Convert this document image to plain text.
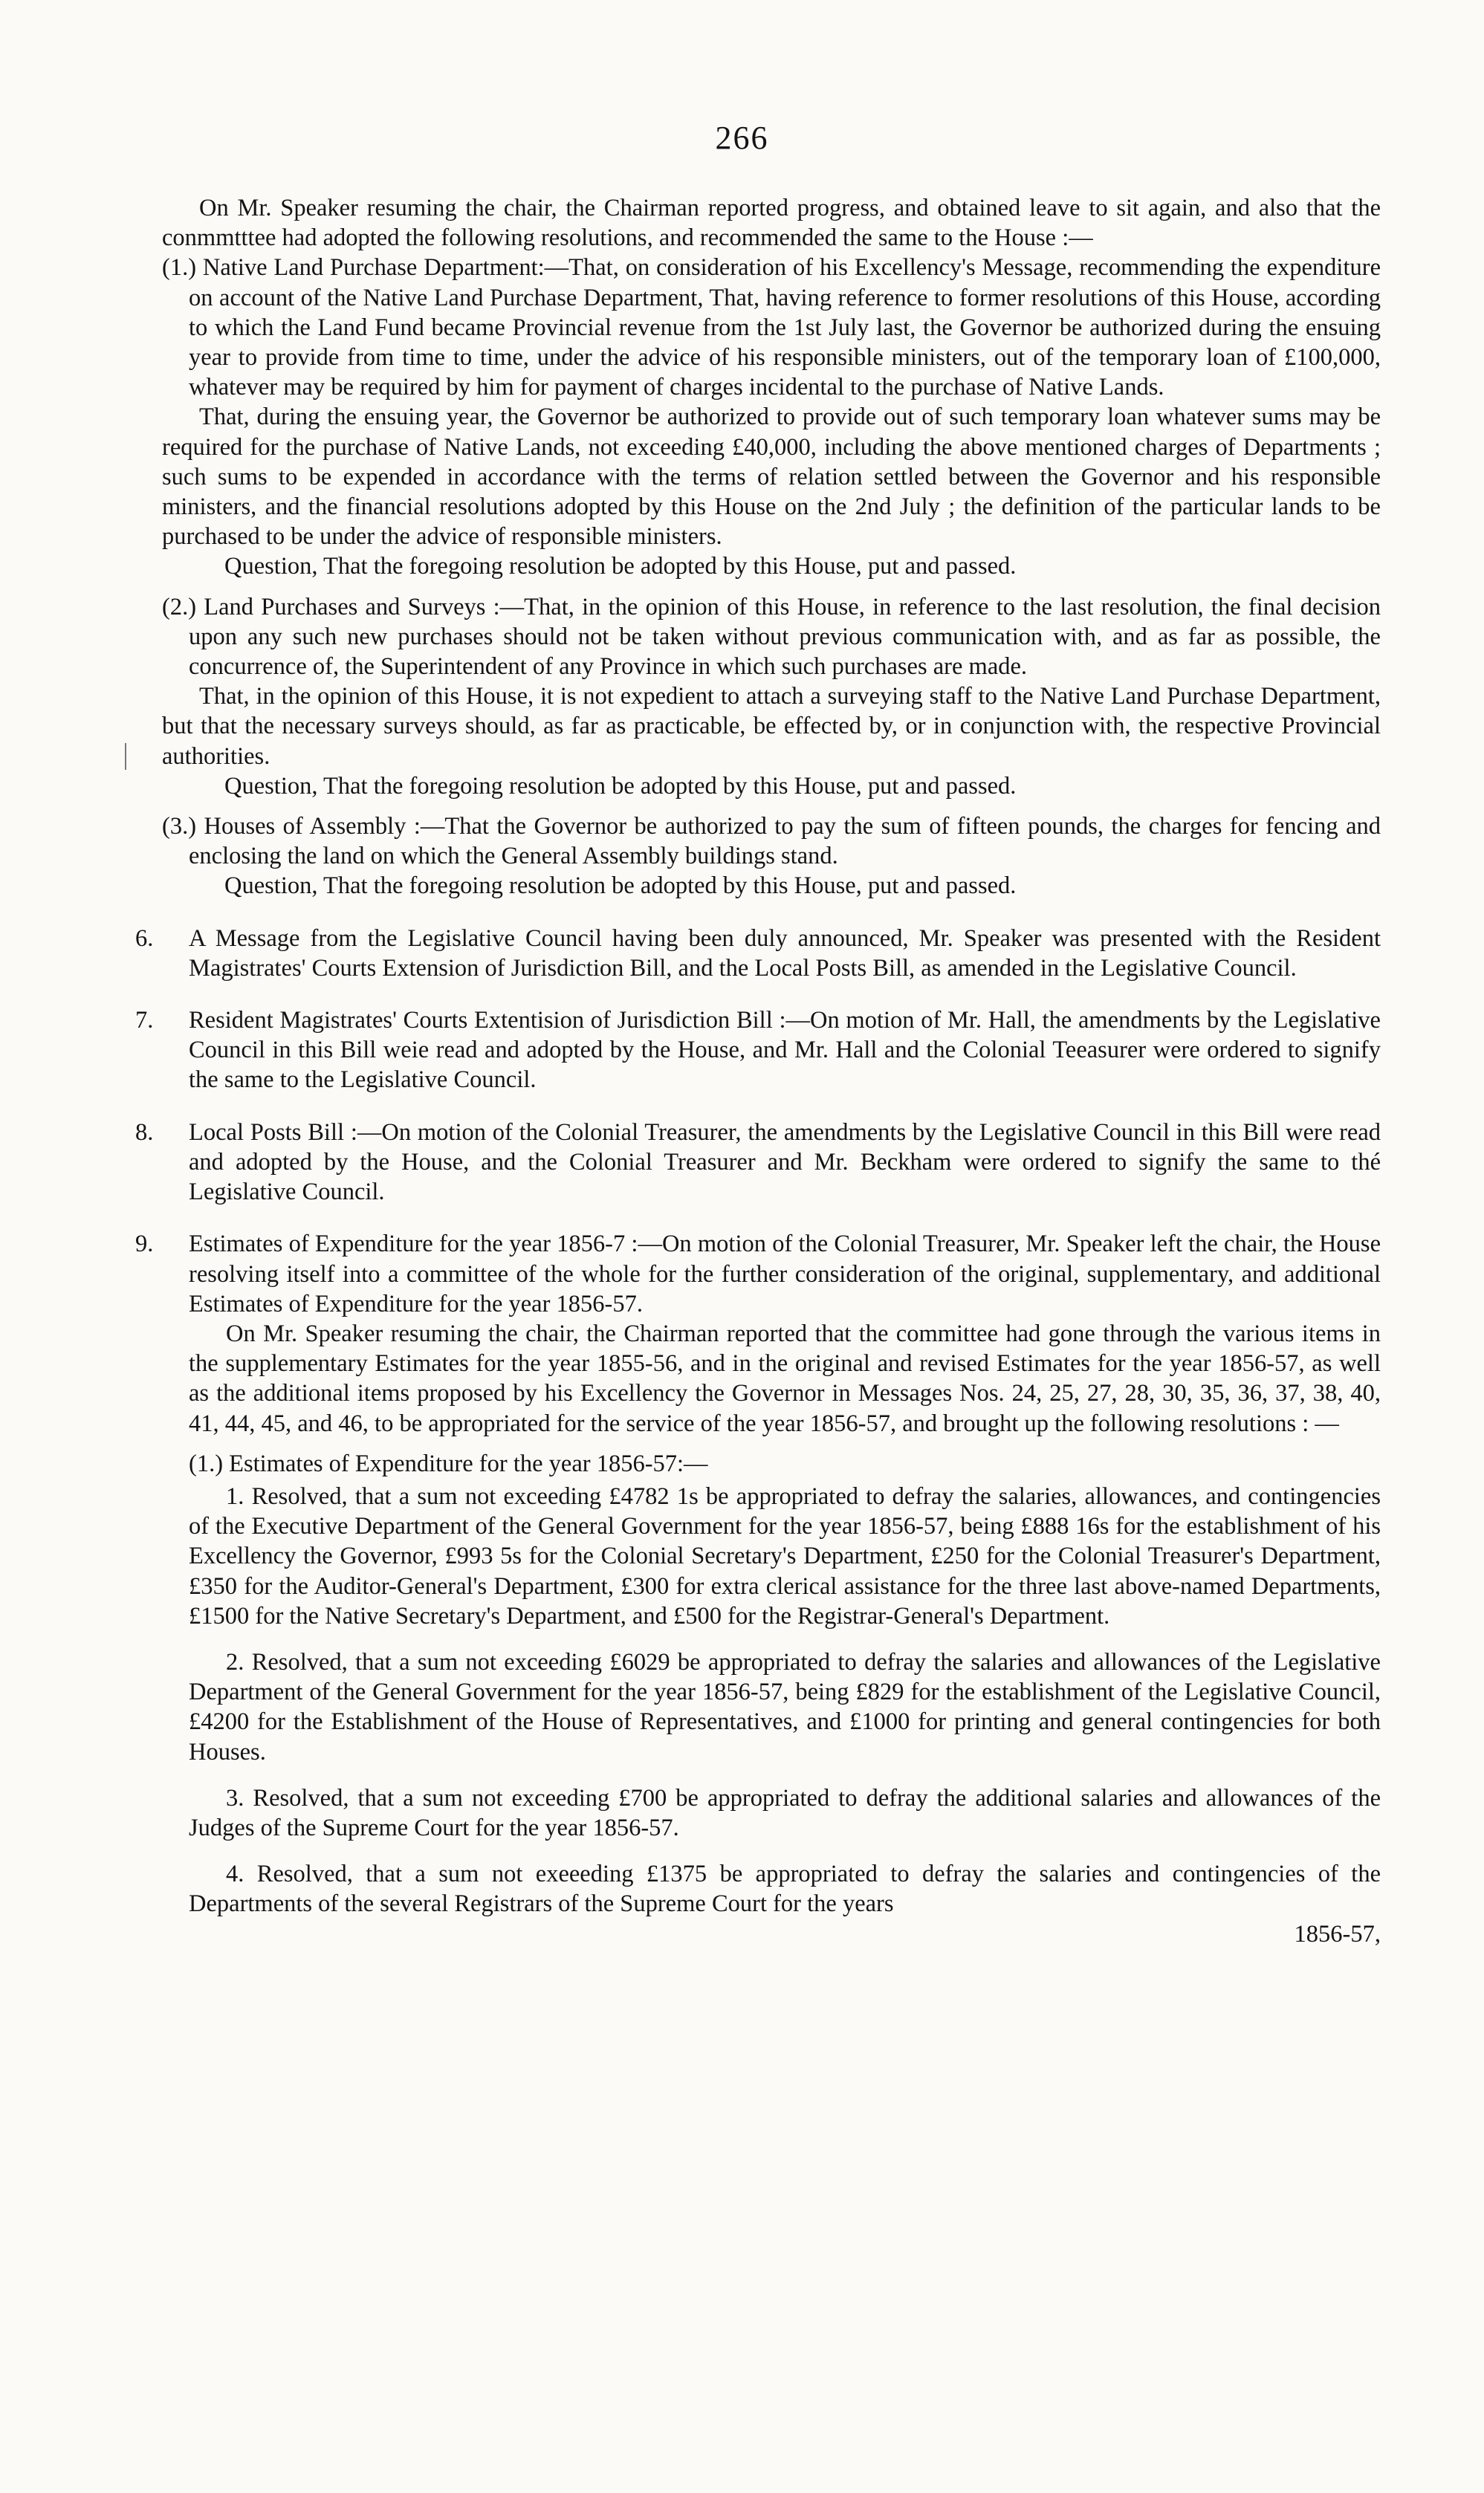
266

On Mr. Speaker resuming the chair, the Chairman reported progress, and obtained leave to sit again, and also that the conmmtttee had adopted the following resolutions, and recommended the same to the House :—

(1.) Native Land Purchase Department:—That, on consideration of his Excellency's Message, recommending the expenditure on account of the Native Land Purchase Department, That, having reference to former resolutions of this House, according to which the Land Fund became Provincial revenue from the 1st July last, the Governor be authorized during the ensuing year to provide from time to time, under the advice of his responsible ministers, out of the temporary loan of £100,000, whatever may be required by him for payment of charges incidental to the purchase of Native Lands.

That, during the ensuing year, the Governor be authorized to provide out of such temporary loan whatever sums may be required for the purchase of Native Lands, not exceeding £40,000, including the above mentioned charges of Departments ; such sums to be expended in accordance with the terms of relation settled between the Governor and his responsible ministers, and the financial resolutions adopted by this House on the 2nd July ; the definition of the particular lands to be purchased to be under the advice of responsible ministers.

Question, That the foregoing resolution be adopted by this House, put and passed.

(2.) Land Purchases and Surveys :—That, in the opinion of this House, in reference to the last resolution, the final decision upon any such new purchases should not be taken without previous communication with, and as far as possible, the concurrence of, the Superintendent of any Province in which such purchases are made.

That, in the opinion of this House, it is not expedient to attach a surveying staff to the Native Land Purchase Department, but that the necessary surveys should, as far as practicable, be effected by, or in conjunction with, the respective Provincial authorities.

Question, That the foregoing resolution be adopted by this House, put and passed.

(3.) Houses of Assembly :—That the Governor be authorized to pay the sum of fifteen pounds, the charges for fencing and enclosing the land on which the General Assembly buildings stand.

Question, That the foregoing resolution be adopted by this House, put and passed.

6.	A Message from the Legislative Council having been duly announced, Mr. Speaker was presented with the Resident Magistrates' Courts Extension of Jurisdiction Bill, and the Local Posts Bill, as amended in the Legislative Council.

7.	Resident Magistrates' Courts Extentision of Jurisdiction Bill :—On motion of Mr. Hall, the amendments by the Legislative Council in this Bill weie read and adopted by the House, and Mr. Hall and the Colonial Teeasurer were ordered to signify the same to the Legislative Council.

8.	Local Posts Bill :—On motion of the Colonial Treasurer, the amendments by the Legislative Council in this Bill were read and adopted by the House, and the Colonial Treasurer and Mr. Beckham were ordered to signify the same to thé Legislative Council.

9.	Estimates of Expenditure for the year 1856-7 :—On motion of the Colonial Treasurer, Mr. Speaker left the chair, the House resolving itself into a committee of the whole for the further consideration of the original, supplementary, and additional Estimates of Expenditure for the year 1856-57.

On Mr. Speaker resuming the chair, the Chairman reported that the committee had gone through the various items in the supplementary Estimates for the year 1855-56, and in the original and revised Estimates for the year 1856-57, as well as the additional items proposed by his Excellency the Governor in Messages Nos. 24, 25, 27, 28, 30, 35, 36, 37, 38, 40, 41, 44, 45, and 46, to be appropriated for the service of the year 1856-57, and brought up the following resolutions : —

(1.) Estimates of Expenditure for the year 1856-57:—

1. Resolved, that a sum not exceeding £4782 1s be appropriated to defray the salaries, allowances, and contingencies of the Executive Department of the General Government for the year 1856-57, being £888 16s for the establishment of his Excellency the Governor, £993 5s for the Colonial Secretary's Department, £250 for the Colonial Treasurer's Department, £350 for the Auditor-General's Department, £300 for extra clerical assistance for the three last above-named Departments, £1500 for the Native Secretary's Department, and £500 for the Registrar-General's Department.

2. Resolved, that a sum not exceeding £6029 be appropriated to defray the salaries and allowances of the Legislative Department of the General Government for the year 1856-57, being £829 for the establishment of the Legislative Council, £4200 for the Establishment of the House of Representatives, and £1000 for printing and general contingencies for both Houses.

3. Resolved, that a sum not exceeding £700 be appropriated to defray the additional salaries and allowances of the Judges of the Supreme Court for the year 1856-57.

4. Resolved, that a sum not exeeeding £1375 be appropriated to defray the salaries and contingencies of the Departments of the several Registrars of the Supreme Court for the years

1856-57,
